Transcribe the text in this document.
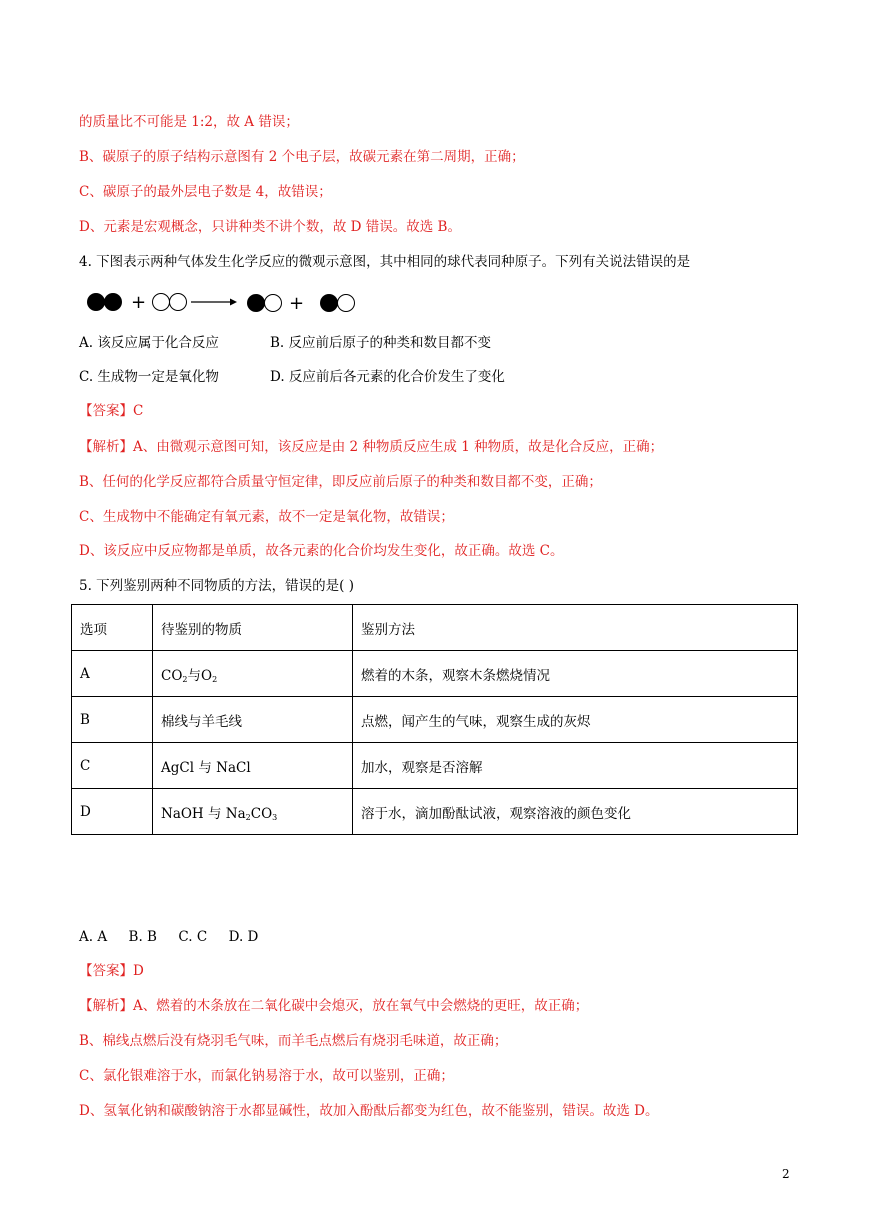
的质量比不可能是 1:2，故 A 错误；
B、碳原子的原子结构示意图有 2 个电子层，故碳元素在第二周期，正确；
C、碳原子的最外层电子数是 4，故错误；
D、元素是宏观概念，只讲种类不讲个数，故 D 错误。故选 B。
4. 下图表示两种气体发生化学反应的微观示意图，其中相同的球代表同种原子。下列有关说法错误的是
+	+
A. 该反应属于化合反应	B. 反应前后原子的种类和数目都不变
C. 生成物一定是氧化物	D. 反应前后各元素的化合价发生了变化
【答案】C
【解析】A、由微观示意图可知，该反应是由 2 种物质反应生成 1 种物质，故是化合反应，正确；
B、任何的化学反应都符合质量守恒定律，即反应前后原子的种类和数目都不变，正确；
C、生成物中不能确定有氧元素，故不一定是氧化物，故错误；
D、该反应中反应物都是单质，故各元素的化合价均发生变化，故正确。故选 C。
5. 下列鉴别两种不同物质的方法，错误的是( )
选项	待鉴别的物质	鉴别方法
A	$CO_2$与$O_2$	燃着的木条，观察木条燃烧情况
B	棉线与羊毛线	点燃，闻产生的气味，观察生成的灰烬
C	AgCl 与 NaCl	加水，观察是否溶解
D	NaOH 与 $Na_2CO_3$	溶于水，滴加酚酞试液，观察溶液的颜色变化
A. A     B. B     C. C     D. D
【答案】D
【解析】A、燃着的木条放在二氧化碳中会熄灭，放在氧气中会燃烧的更旺，故正确；
B、棉线点燃后没有烧羽毛气味，而羊毛点燃后有烧羽毛味道，故正确；
C、氯化银难溶于水，而氯化钠易溶于水，故可以鉴别，正确；
D、氢氧化钠和碳酸钠溶于水都显碱性，故加入酚酞后都变为红色，故不能鉴别，错误。故选 D。
2
